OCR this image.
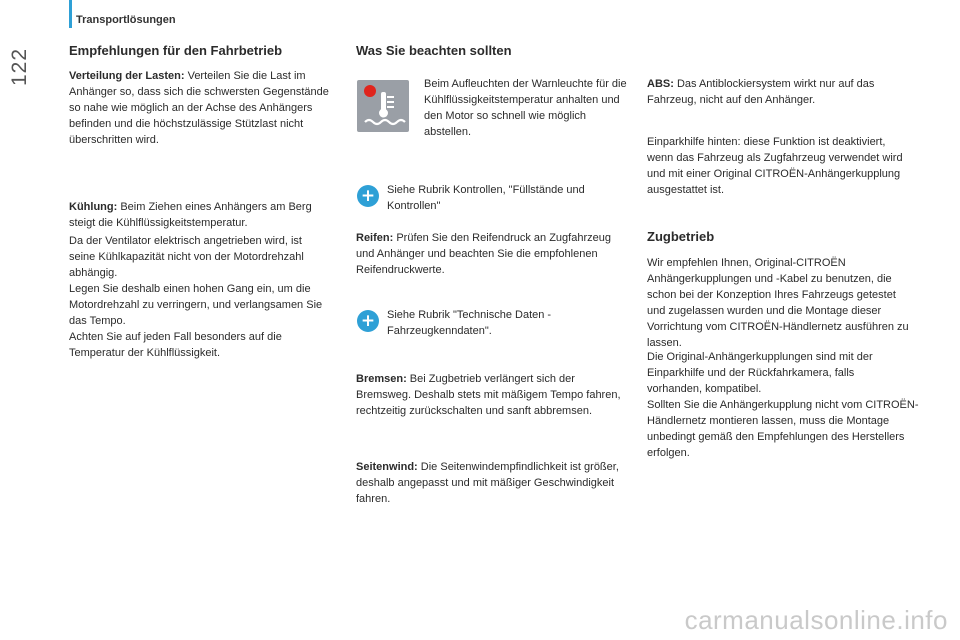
Transportlösungen
122	Empfehlungen für den Fahrbetrieb

Verteilung der Lasten: Verteilen Sie die Last im Anhänger so, dass sich die schwersten Gegenstände so nahe wie möglich an der Achse des Anhängers befinden und die höchstzulässige Stützlast nicht überschritten wird.

Kühlung: Beim Ziehen eines Anhängers am Berg steigt die Kühlflüssigkeitstemperatur.

Da der Ventilator elektrisch angetrieben wird, ist seine Kühlkapazität nicht von der Motordrehzahl abhängig.

Legen Sie deshalb einen hohen Gang ein, um die Motordrehzahl zu verringern, und verlangsamen Sie das Tempo.

Achten Sie auf jeden Fall besonders auf die Temperatur der Kühlflüssigkeit.

Was Sie beachten sollten

Beim Aufleuchten der Warnleuchte für die Kühlflüssigkeitstemperatur anhalten und den Motor so schnell wie möglich abstellen.

+ Siehe Rubrik Kontrollen, "Füllstände und Kontrollen"

Reifen: Prüfen Sie den Reifendruck an Zugfahrzeug und Anhänger und beachten Sie die empfohlenen Reifendruckwerte.

+ Siehe Rubrik "Technische Daten - Fahrzeugkenndaten".

Bremsen: Bei Zugbetrieb verlängert sich der Bremsweg. Deshalb stets mit mäßigem Tempo fahren, rechtzeitig zurückschalten und sanft abbremsen.

Seitenwind: Die Seitenwindempfindlichkeit ist größer, deshalb angepasst und mit mäßiger Geschwindigkeit fahren.

ABS: Das Antiblockiersystem wirkt nur auf das Fahrzeug, nicht auf den Anhänger.

Einparkhilfe hinten: diese Funktion ist deaktiviert, wenn das Fahrzeug als Zugfahrzeug verwendet wird und mit einer Original CITROËN-Anhängerkupplung ausgestattet ist.

Zugbetrieb

Wir empfehlen Ihnen, Original-CITROËN Anhängerkupplungen und -Kabel zu benutzen, die schon bei der Konzeption Ihres Fahrzeugs getestet und zugelassen wurden und die Montage dieser Vorrichtung vom CITROËN-Händlernetz ausführen zu lassen.

Die Original-Anhängerkupplungen sind mit der Einparkhilfe und der Rückfahrkamera, falls vorhanden, kompatibel.

Sollten Sie die Anhängerkupplung nicht vom CITROËN-Händlernetz montieren lassen, muss die Montage unbedingt gemäß den Empfehlungen des Herstellers erfolgen.

carmanualsonline.info
